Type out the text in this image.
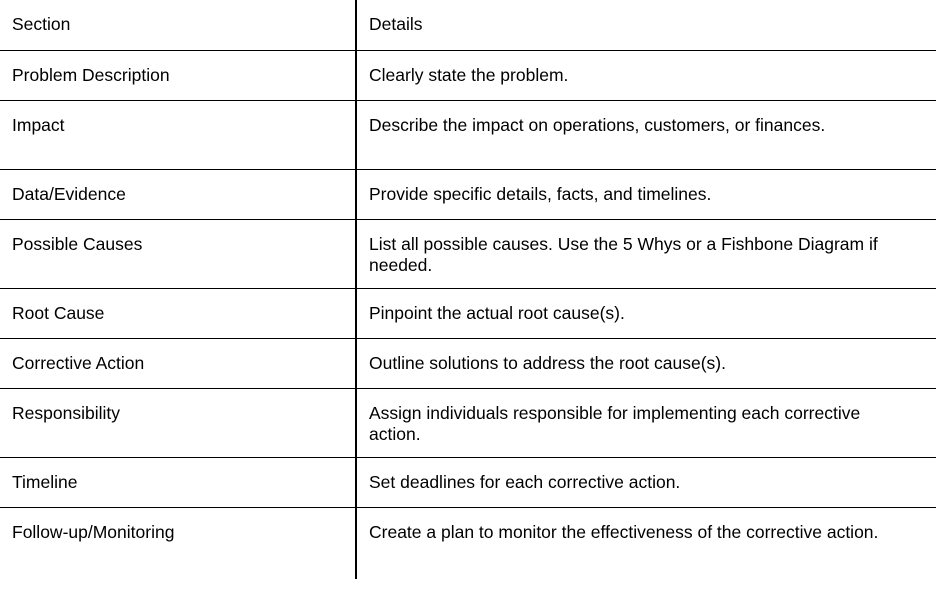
Section	Details
Problem Description	Clearly state the problem.
Impact	Describe the impact on operations, customers, or finances.
Data/Evidence	Provide specific details, facts, and timelines.
Possible Causes	List all possible causes. Use the 5 Whys or a Fishbone Diagram if needed.
Root Cause	Pinpoint the actual root cause(s).
Corrective Action	Outline solutions to address the root cause(s).
Responsibility	Assign individuals responsible for implementing each corrective action.
Timeline	Set deadlines for each corrective action.
Follow-up/Monitoring	Create a plan to monitor the effectiveness of the corrective action.
